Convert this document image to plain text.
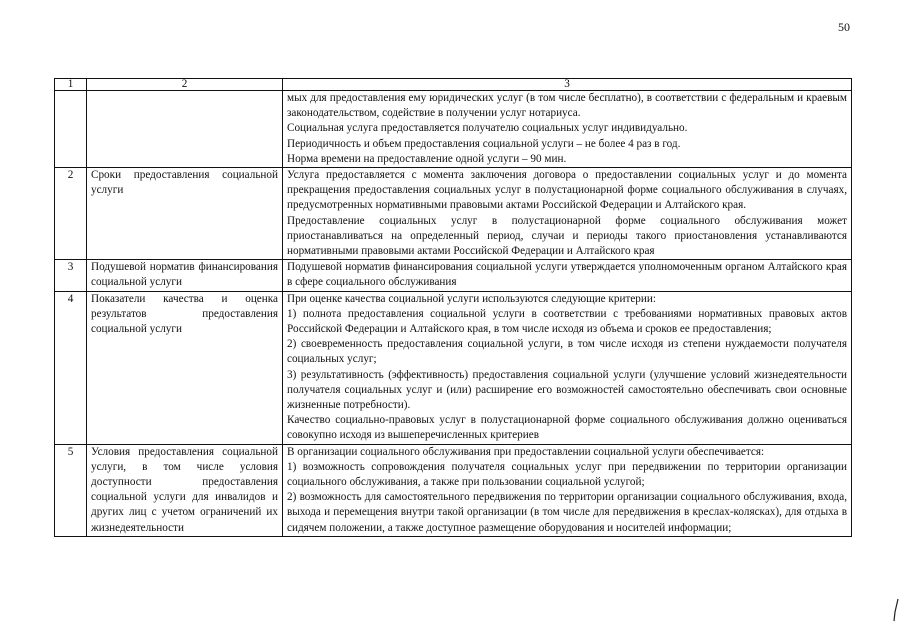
50
1	2	3

		мых для предоставления ему юридических услуг (в том числе бесплатно), в соответствии с федеральным и краевым законодательством, содействие в получении услуг нотариуса.
Социальная услуга предоставляется получателю социальных услуг индивидуально.
Периодичность и объем предоставления социальной услуги – не более 4 раз в год.
Норма времени на предоставление одной услуги – 90 мин.

2	Сроки предоставления социальной услуги	Услуга предоставляется с момента заключения договора о предоставлении социальных услуг и до момента прекращения предоставления социальных услуг в полустационарной форме социального обслуживания в случаях, предусмотренных нормативными правовыми актами Российской Федерации и Алтайского края.
Предоставление социальных услуг в полустационарной форме социального обслуживания может приостанавливаться на определенный период, случаи и периоды такого приостановления устанавливаются нормативными правовыми актами Российской Федерации и Алтайского края

3	Подушевой норматив финансирования социальной услуги	Подушевой норматив финансирования социальной услуги утверждается уполномоченным органом Алтайского края в сфере социального обслуживания

4	Показатели качества и оценка результатов предоставления социальной услуги	При оценке качества социальной услуги используются следующие критерии:
1) полнота предоставления социальной услуги в соответствии с требованиями нормативных правовых актов Российской Федерации и Алтайского края, в том числе исходя из объема и сроков ее предоставления;
2) своевременность предоставления социальной услуги, в том числе исходя из степени нуждаемости получателя социальных услуг;
3) результативность (эффективность) предоставления социальной услуги (улучшение условий жизнедеятельности получателя социальных услуг и (или) расширение его возможностей самостоятельно обеспечивать свои основные жизненные потребности).
Качество социально-правовых услуг в полустационарной форме социального обслуживания должно оцениваться совокупно исходя из вышеперечисленных критериев

5	Условия предоставления социальной услуги, в том числе условия доступности предоставления социальной услуги для инвалидов и других лиц с учетом ограничений их жизнедеятельности	В организации социального обслуживания при предоставлении социальной услуги обеспечивается:
1) возможность сопровождения получателя социальных услуг при передвижении по территории организации социального обслуживания, а также при пользовании социальной услугой;
2) возможность для самостоятельного передвижения по территории организации социального обслуживания, входа, выхода и перемещения внутри такой организации (в том числе для передвижения в креслах-колясках), для отдыха в сидячем положении, а также доступное размещение оборудования и носителей информации;
